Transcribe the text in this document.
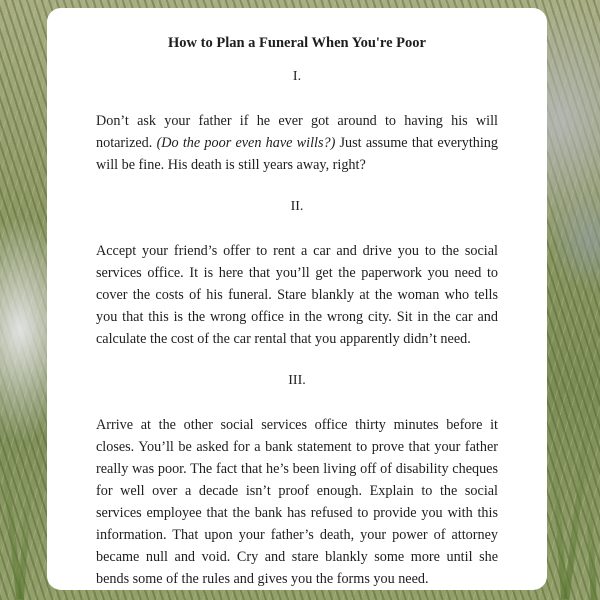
How to Plan a Funeral When You're Poor
I.

Don’t ask your father if he ever got around to having his will notarized. (Do the poor even have wills?) Just assume that everything will be fine. His death is still years away, right?

II.

Accept your friend’s offer to rent a car and drive you to the social services office. It is here that you’ll get the paperwork you need to cover the costs of his funeral. Stare blankly at the woman who tells you that this is the wrong office in the wrong city. Sit in the car and calculate the cost of the car rental that you apparently didn’t need.

III.

Arrive at the other social services office thirty minutes before it closes. You’ll be asked for a bank statement to prove that your father really was poor. The fact that he’s been living off of disability cheques for well over a decade isn’t proof enough. Explain to the social services employee that the bank has refused to provide you with this information. That upon your father’s death, your power of attorney became null and void. Cry and stare blankly some more until she bends some of the rules and gives you the forms you need.
